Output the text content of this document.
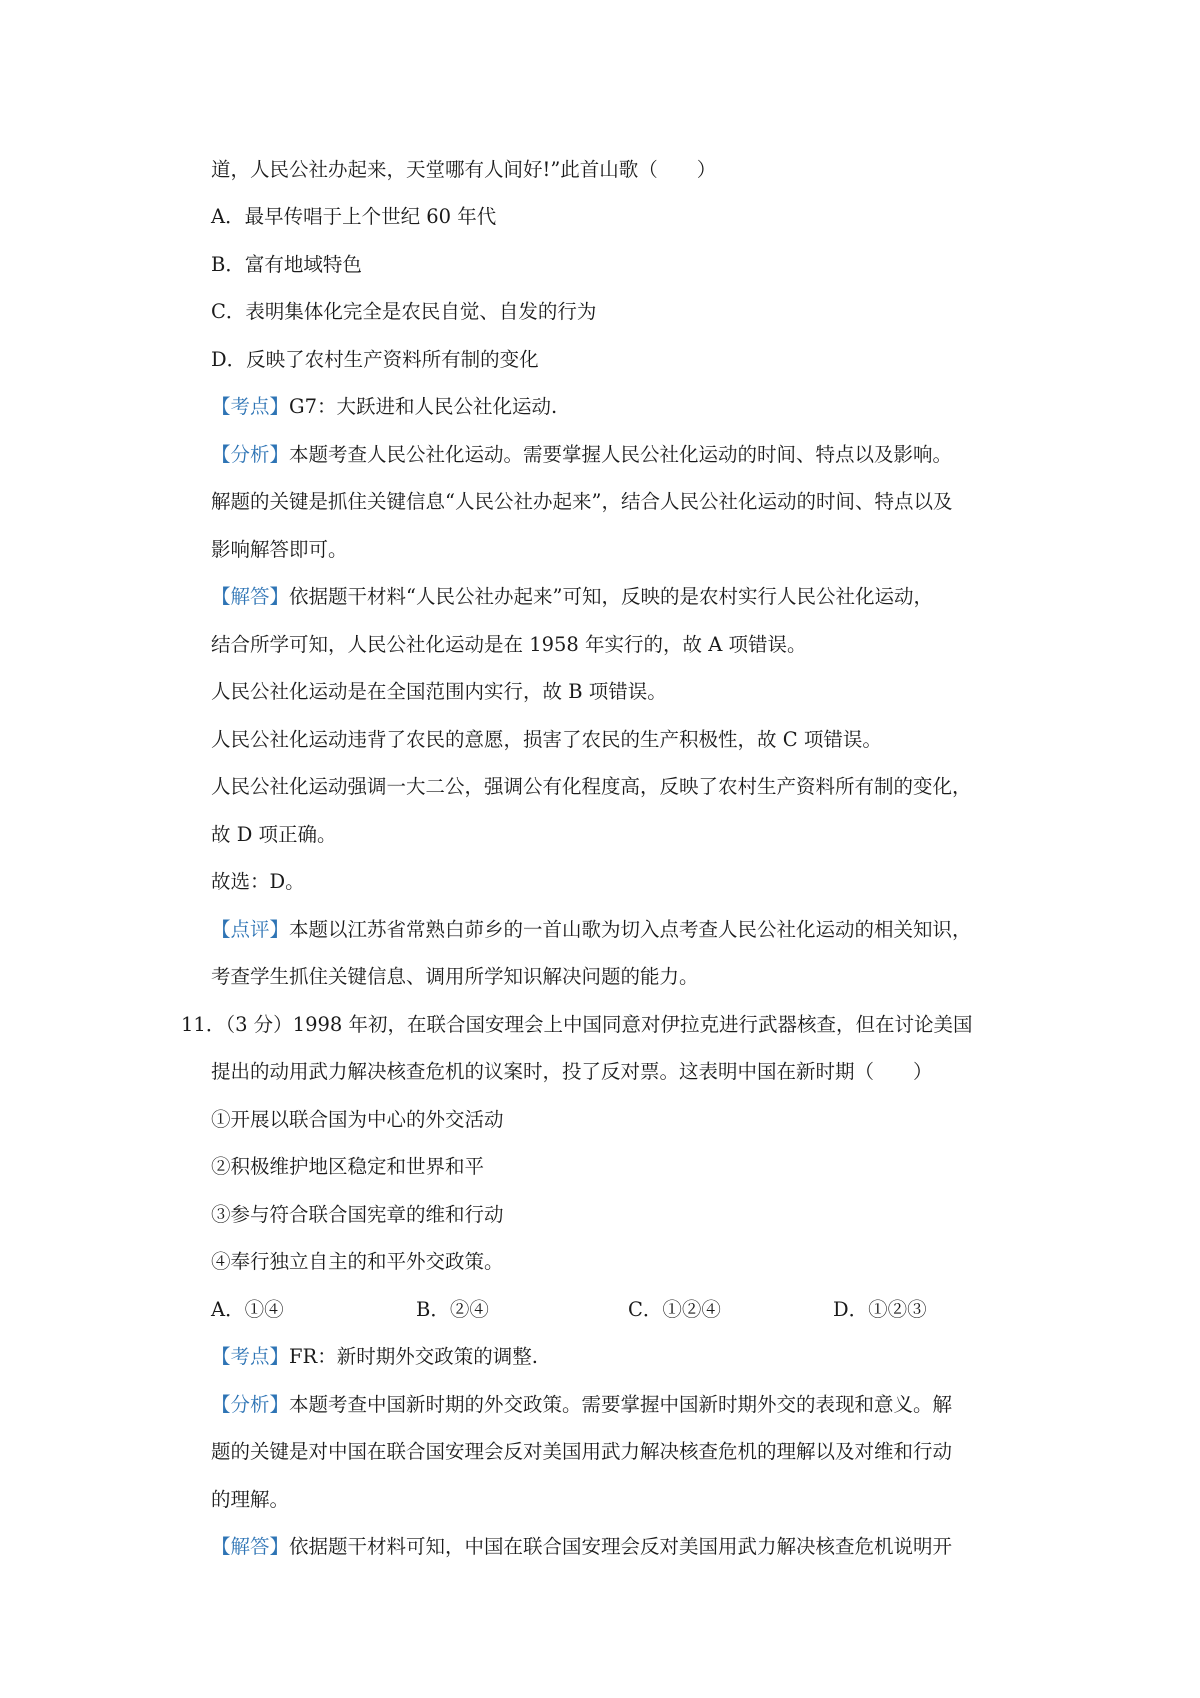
道，人民公社办起来，天堂哪有人间好!”此首山歌（　　）
A．最早传唱于上个世纪 60 年代
B．富有地域特色
C．表明集体化完全是农民自觉、自发的行为
D．反映了农村生产资料所有制的变化
【考点】G7：大跃进和人民公社化运动.
【分析】本题考查人民公社化运动。需要掌握人民公社化运动的时间、特点以及影响。
解题的关键是抓住关键信息“人民公社办起来”，结合人民公社化运动的时间、特点以及
影响解答即可。
【解答】依据题干材料“人民公社办起来”可知，反映的是农村实行人民公社化运动，
结合所学可知，人民公社化运动是在 1958 年实行的，故 A 项错误。
人民公社化运动是在全国范围内实行，故 B 项错误。
人民公社化运动违背了农民的意愿，损害了农民的生产积极性，故 C 项错误。
人民公社化运动强调一大二公，强调公有化程度高，反映了农村生产资料所有制的变化，
故 D 项正确。
故选：D。
【点评】本题以江苏省常熟白茆乡的一首山歌为切入点考查人民公社化运动的相关知识，
考查学生抓住关键信息、调用所学知识解决问题的能力。
11．（3 分）1998 年初，在联合国安理会上中国同意对伊拉克进行武器核查，但在讨论美国
提出的动用武力解决核查危机的议案时，投了反对票。这表明中国在新时期（　　）
①开展以联合国为中心的外交活动
②积极维护地区稳定和世界和平
③参与符合联合国宪章的维和行动
④奉行独立自主的和平外交政策。
A．①④	B．②④	C．①②④	D．①②③
【考点】FR：新时期外交政策的调整.
【分析】本题考查中国新时期的外交政策。需要掌握中国新时期外交的表现和意义。解
题的关键是对中国在联合国安理会反对美国用武力解决核查危机的理解以及对维和行动
的理解。
【解答】依据题干材料可知，中国在联合国安理会反对美国用武力解决核查危机说明开
